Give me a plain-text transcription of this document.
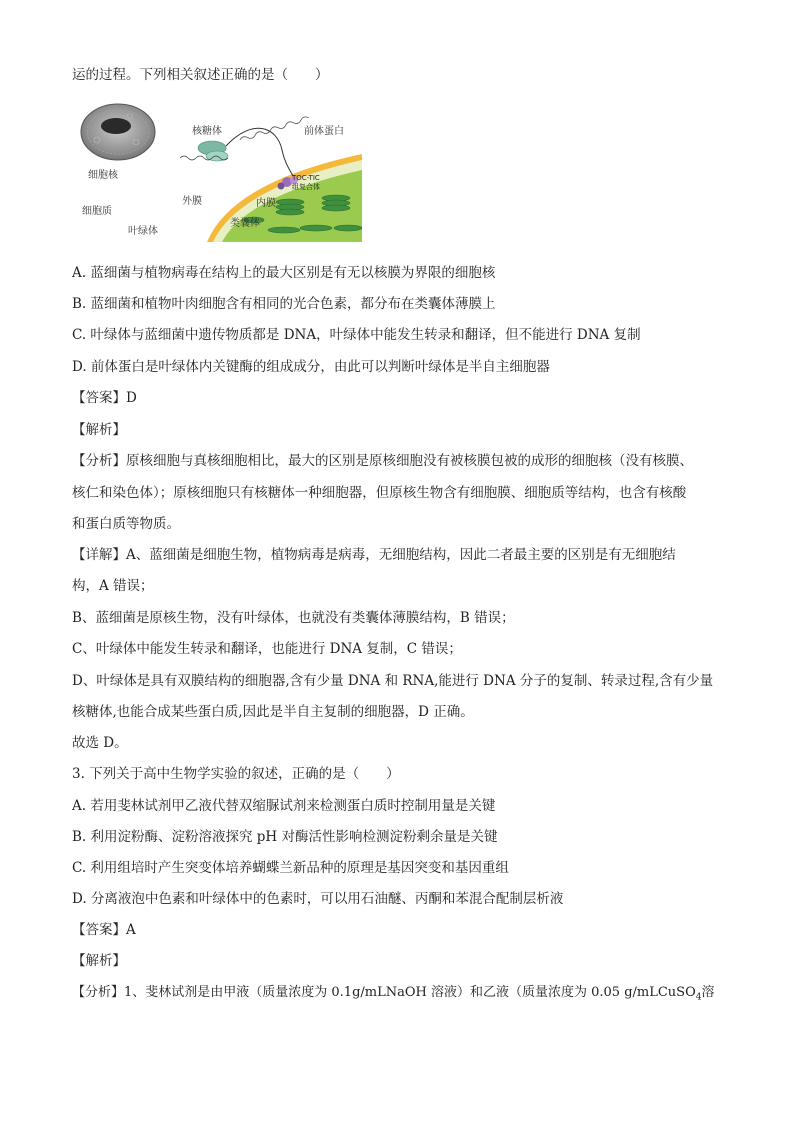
运的过程。下列相关叙述正确的是（　　）
细胞核
细胞质
叶绿体
核糖体	前体蛋白
外膜	内膜
类囊体
TOC-TIC
组复合体
A. 蓝细菌与植物病毒在结构上的最大区别是有无以核膜为界限的细胞核
B. 蓝细菌和植物叶肉细胞含有相同的光合色素，都分布在类囊体薄膜上
C. 叶绿体与蓝细菌中遗传物质都是 DNA，叶绿体中能发生转录和翻译，但不能进行 DNA 复制
D. 前体蛋白是叶绿体内关键酶的组成成分，由此可以判断叶绿体是半自主细胞器
【答案】D
【解析】
【分析】原核细胞与真核细胞相比，最大的区别是原核细胞没有被核膜包被的成形的细胞核（没有核膜、
核仁和染色体）；原核细胞只有核糖体一种细胞器，但原核生物含有细胞膜、细胞质等结构，也含有核酸
和蛋白质等物质。
【详解】A、蓝细菌是细胞生物，植物病毒是病毒，无细胞结构，因此二者最主要的区别是有无细胞结
构，A 错误；
B、蓝细菌是原核生物，没有叶绿体，也就没有类囊体薄膜结构，B 错误；
C、叶绿体中能发生转录和翻译，也能进行 DNA 复制，C 错误；
D、叶绿体是具有双膜结构的细胞器,含有少量 DNA 和 RNA,能进行 DNA 分子的复制、转录过程,含有少量
核糖体,也能合成某些蛋白质,因此是半自主复制的细胞器，D 正确。
故选 D。
3. 下列关于高中生物学实验的叙述，正确的是（　　）
A. 若用斐林试剂甲乙液代替双缩脲试剂来检测蛋白质时控制用量是关键
B. 利用淀粉酶、淀粉溶液探究 pH 对酶活性影响检测淀粉剩余量是关键
C. 利用组培时产生突变体培养蝴蝶兰新品种的原理是基因突变和基因重组
D. 分离液泡中色素和叶绿体中的色素时，可以用石油醚、丙酮和苯混合配制层析液
【答案】A
【解析】
【分析】1、斐林试剂是由甲液（质量浓度为 0.1g/mLNaOH 溶液）和乙液（质量浓度为 0.05 g/mLCuSO$_4$溶
